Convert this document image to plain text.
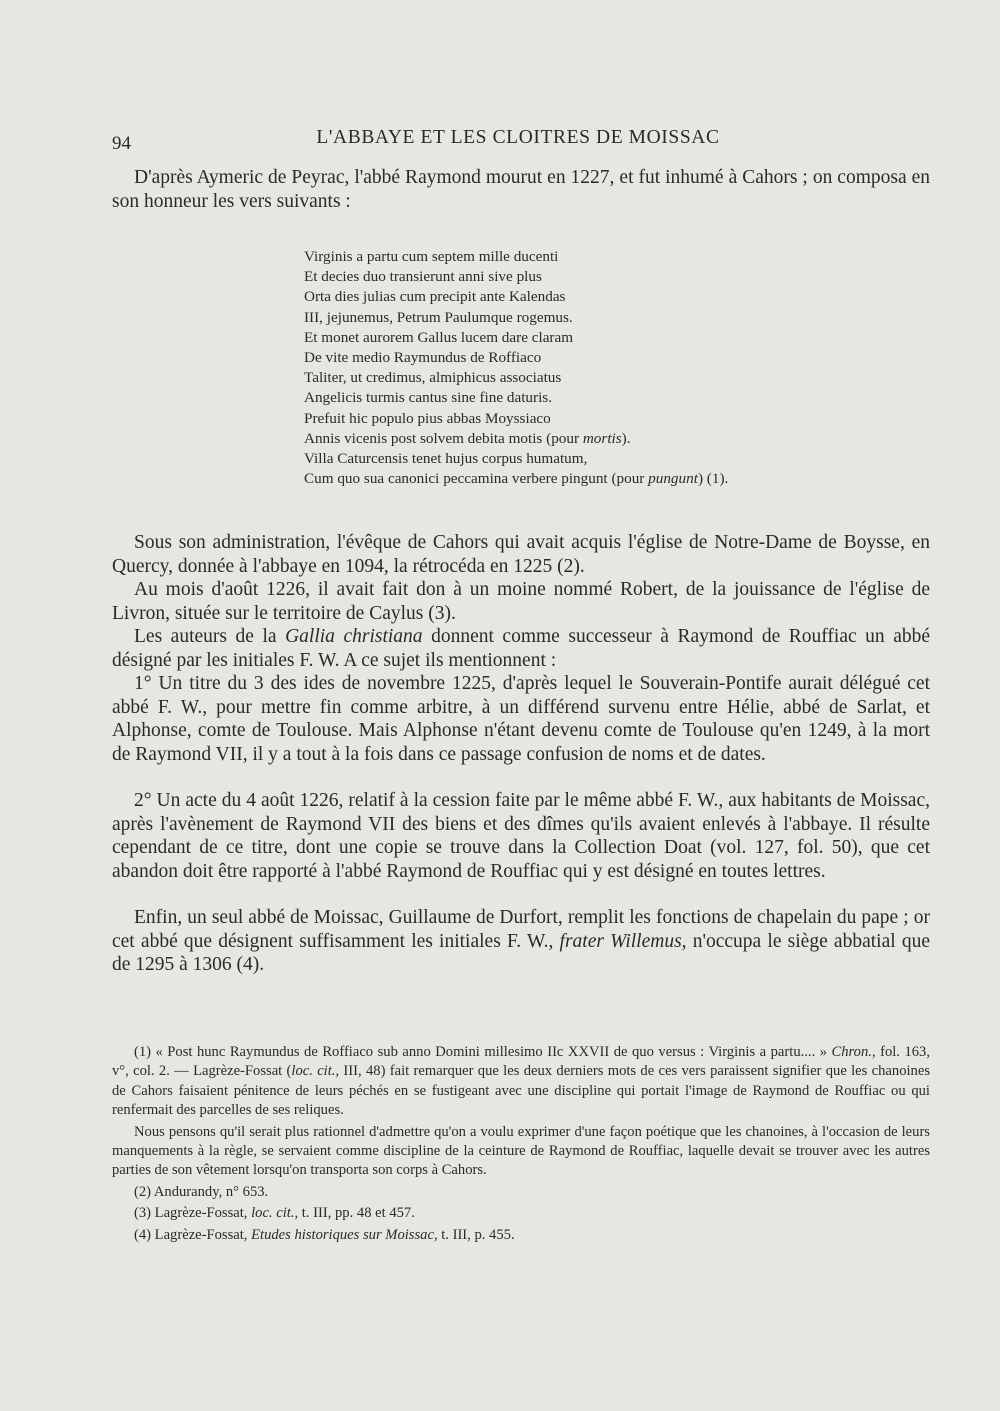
94	L'ABBAYE ET LES CLOITRES DE MOISSAC

D'après Aymeric de Peyrac, l'abbé Raymond mourut en 1227, et fut inhumé à Cahors ; on composa en son honneur les vers suivants :

Virginis a partu cum septem mille ducenti
Et decies duo transierunt anni sive plus
Orta dies julias cum precipit ante Kalendas
III, jejunemus, Petrum Paulumque rogemus.
Et monet aurorem Gallus lucem dare claram
De vite medio Raymundus de Roffiaco
Taliter, ut credimus, almiphicus associatus
Angelicis turmis cantus sine fine daturis.
Prefuit hic populo pius abbas Moyssiaco
Annis vicenis post solvem debita motis (pour mortis).
Villa Caturcensis tenet hujus corpus humatum,
Cum quo sua canonici peccamina verbere pingunt (pour pungunt) (1).

Sous son administration, l'évêque de Cahors qui avait acquis l'église de Notre-Dame de Boysse, en Quercy, donnée à l'abbaye en 1094, la rétrocéda en 1225 (2).

Au mois d'août 1226, il avait fait don à un moine nommé Robert, de la jouissance de l'église de Livron, située sur le territoire de Caylus (3).

Les auteurs de la Gallia christiana donnent comme successeur à Raymond de Rouffiac un abbé désigné par les initiales F. W. A ce sujet ils mentionnent :

1° Un titre du 3 des ides de novembre 1225, d'après lequel le Souverain-Pontife aurait délégué cet abbé F. W., pour mettre fin comme arbitre, à un différend survenu entre Hélie, abbé de Sarlat, et Alphonse, comte de Toulouse. Mais Alphonse n'étant devenu comte de Toulouse qu'en 1249, à la mort de Raymond VII, il y a tout à la fois dans ce passage confusion de noms et de dates.

2° Un acte du 4 août 1226, relatif à la cession faite par le même abbé F. W., aux habitants de Moissac, après l'avènement de Raymond VII des biens et des dîmes qu'ils avaient enlevés à l'abbaye. Il résulte cependant de ce titre, dont une copie se trouve dans la Collection Doat (vol. 127, fol. 50), que cet abandon doit être rapporté à l'abbé Raymond de Rouffiac qui y est désigné en toutes lettres.

Enfin, un seul abbé de Moissac, Guillaume de Durfort, remplit les fonctions de chapelain du pape ; or cet abbé que désignent suffisamment les initiales F. W., frater Willemus, n'occupa le siège abbatial que de 1295 à 1306 (4).

(1) « Post hunc Raymundus de Roffiaco sub anno Domini millesimo IIc XXVII de quo versus : Virginis a partu.... » Chron., fol. 163, v°, col. 2. — Lagrèze-Fossat (loc. cit., III, 48) fait remarquer que les deux derniers mots de ces vers paraissent signifier que les chanoines de Cahors faisaient pénitence de leurs péchés en se fustigeant avec une discipline qui portait l'image de Raymond de Rouffiac ou qui renfermait des parcelles de ses reliques.

Nous pensons qu'il serait plus rationnel d'admettre qu'on a voulu exprimer d'une façon poétique que les chanoines, à l'occasion de leurs manquements à la règle, se servaient comme discipline de la ceinture de Raymond de Rouffiac, laquelle devait se trouver avec les autres parties de son vêtement lorsqu'on transporta son corps à Cahors.

(2) Andurandy, n° 653.

(3) Lagrèze-Fossat, loc. cit., t. III, pp. 48 et 457.

(4) Lagrèze-Fossat, Etudes historiques sur Moissac, t. III, p. 455.
